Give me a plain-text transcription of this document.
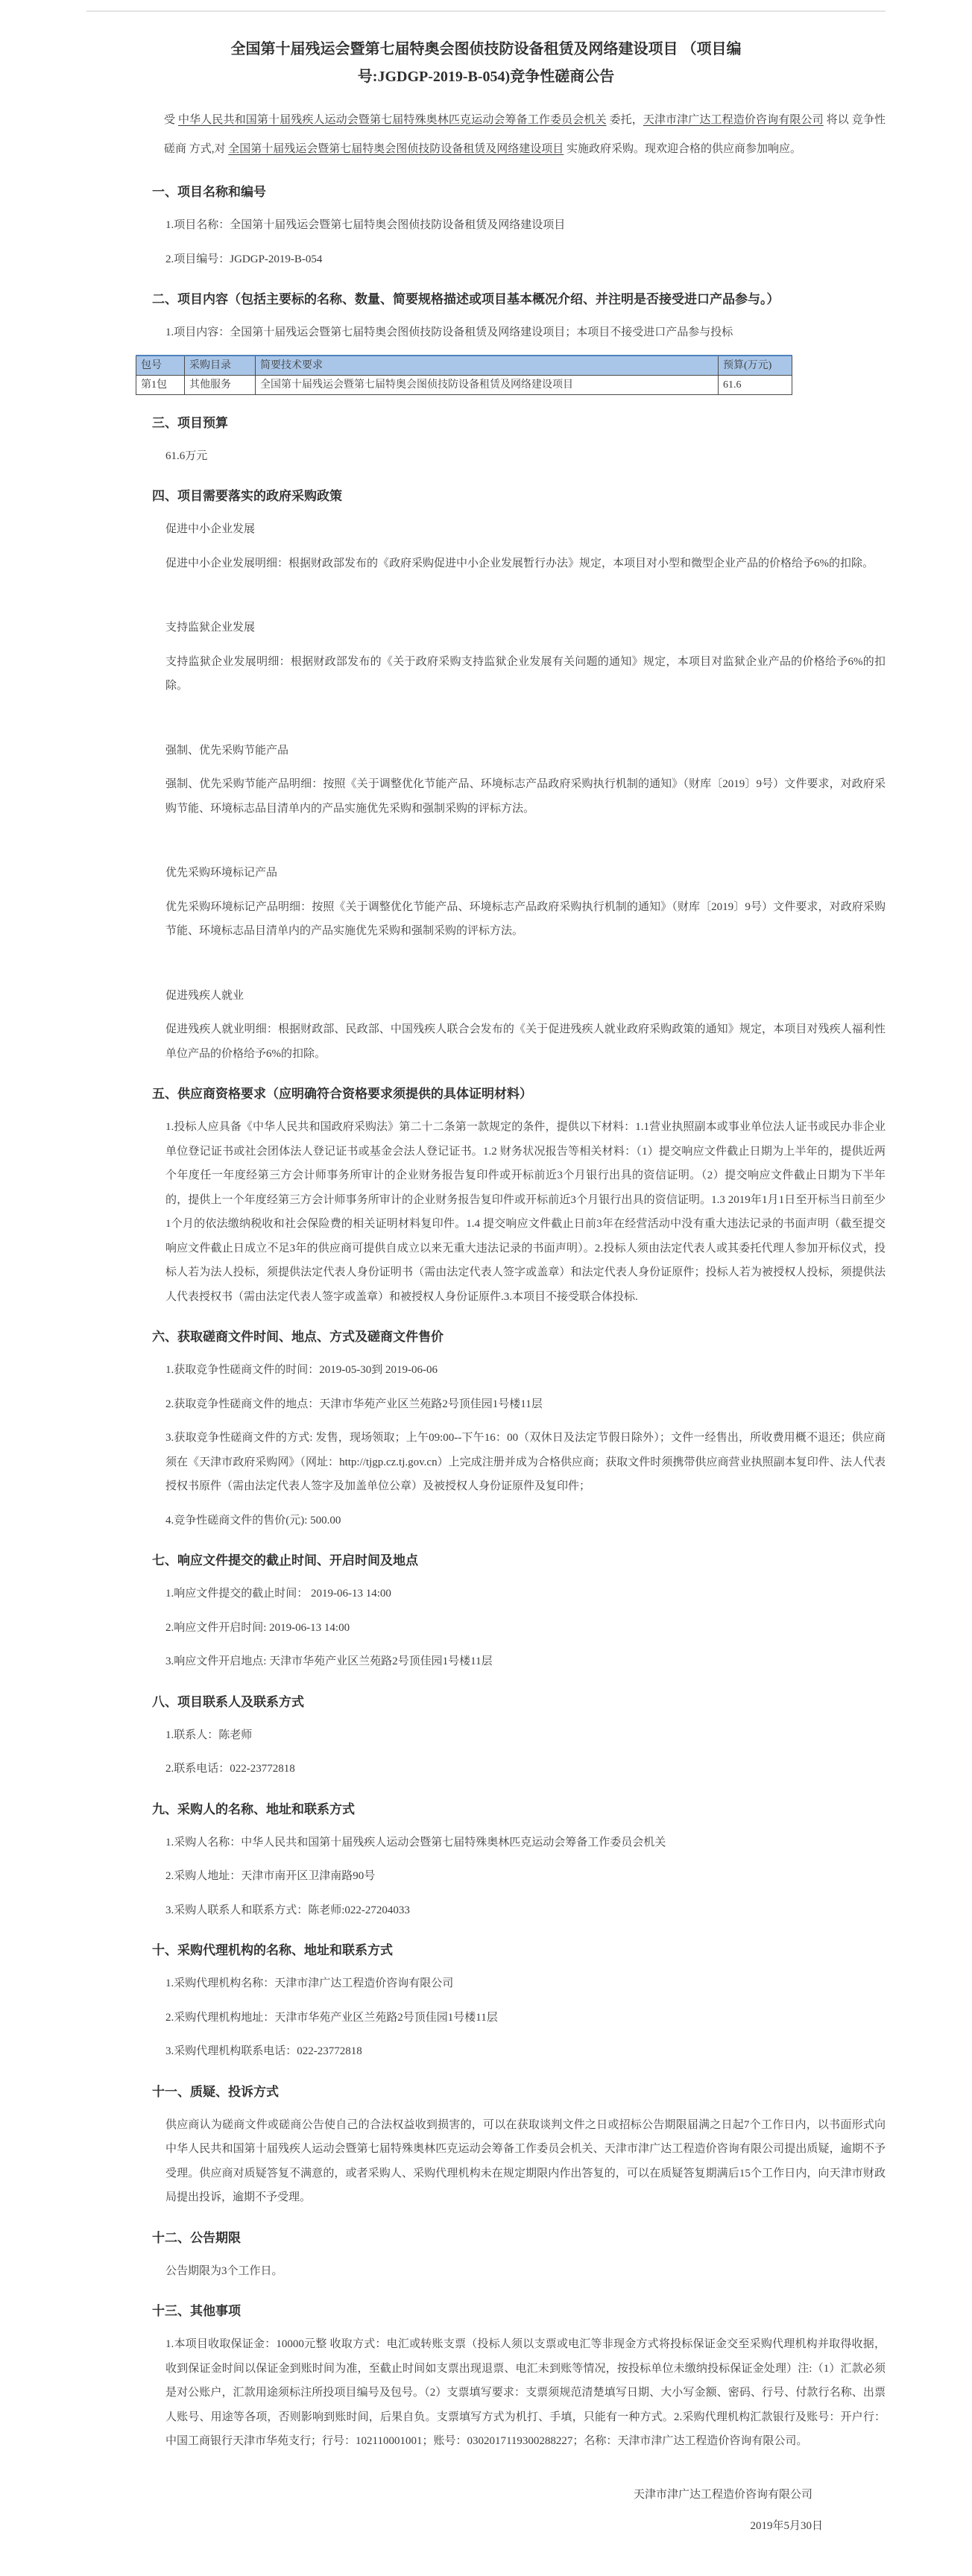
全国第十届残运会暨第七届特奥会图侦技防设备租赁及网络建设项目 （项目编号:JGDGP-2019-B-054)竞争性磋商公告
受 中华人民共和国第十届残疾人运动会暨第七届特殊奥林匹克运动会筹备工作委员会机关 委托，天津市津广达工程造价咨询有限公司 将以 竞争性磋商 方式,对 全国第十届残运会暨第七届特奥会图侦技防设备租赁及网络建设项目 实施政府采购。现欢迎合格的供应商参加响应。
一、项目名称和编号
1.项目名称：全国第十届残运会暨第七届特奥会图侦技防设备租赁及网络建设项目
2.项目编号：JGDGP-2019-B-054
二、项目内容（包括主要标的名称、数量、简要规格描述或项目基本概况介绍、并注明是否接受进口产品参与。）
1.项目内容：全国第十届残运会暨第七届特奥会图侦技防设备租赁及网络建设项目；本项目不接受进口产品参与投标
包号	采购目录	简要技术要求	预算(万元)
第1包	其他服务	全国第十届残运会暨第七届特奥会图侦技防设备租赁及网络建设项目	61.6
三、项目预算
61.6万元
四、项目需要落实的政府采购政策
促进中小企业发展
促进中小企业发展明细：根据财政部发布的《政府采购促进中小企业发展暂行办法》规定，本项目对小型和微型企业产品的价格给予6%的扣除。
支持监狱企业发展
支持监狱企业发展明细：根据财政部发布的《关于政府采购支持监狱企业发展有关问题的通知》规定，本项目对监狱企业产品的价格给予6%的扣除。
强制、优先采购节能产品
强制、优先采购节能产品明细：按照《关于调整优化节能产品、环境标志产品政府采购执行机制的通知》（财库〔2019〕9号）文件要求，对政府采购节能、环境标志品目清单内的产品实施优先采购和强制采购的评标方法。
优先采购环境标记产品
优先采购环境标记产品明细：按照《关于调整优化节能产品、环境标志产品政府采购执行机制的通知》（财库〔2019〕9号）文件要求，对政府采购节能、环境标志品目清单内的产品实施优先采购和强制采购的评标方法。
促进残疾人就业
促进残疾人就业明细：根据财政部、民政部、中国残疾人联合会发布的《关于促进残疾人就业政府采购政策的通知》规定，本项目对残疾人福利性单位产品的价格给予6%的扣除。
五、供应商资格要求（应明确符合资格要求须提供的具体证明材料）
1.投标人应具备《中华人民共和国政府采购法》第二十二条第一款规定的条件，提供以下材料：1.1营业执照副本或事业单位法人证书或民办非企业单位登记证书或社会团体法人登记证书或基金会法人登记证书。1.2 财务状况报告等相关材料：（1）提交响应文件截止日期为上半年的，提供近两个年度任一年度经第三方会计师事务所审计的企业财务报告复印件或开标前近3个月银行出具的资信证明。（2）提交响应文件截止日期为下半年的，提供上一个年度经第三方会计师事务所审计的企业财务报告复印件或开标前近3个月银行出具的资信证明。1.3 2019年1月1日至开标当日前至少1个月的依法缴纳税收和社会保险费的相关证明材料复印件。1.4 提交响应文件截止日前3年在经营活动中没有重大违法记录的书面声明（截至提交响应文件截止日成立不足3年的供应商可提供自成立以来无重大违法记录的书面声明）。2.投标人须由法定代表人或其委托代理人参加开标仪式，投标人若为法人投标，须提供法定代表人身份证明书（需由法定代表人签字或盖章）和法定代表人身份证原件；投标人若为被授权人投标，须提供法人代表授权书（需由法定代表人签字或盖章）和被授权人身份证原件.3.本项目不接受联合体投标.
六、获取磋商文件时间、地点、方式及磋商文件售价
1.获取竞争性磋商文件的时间：2019-05-30到 2019-06-06
2.获取竞争性磋商文件的地点：天津市华苑产业区兰苑路2号顶佳园1号楼11层
3.获取竞争性磋商文件的方式: 发售，现场领取；上午09:00--下午16：00（双休日及法定节假日除外）；文件一经售出，所收费用概不退还；供应商须在《天津市政府采购网》（网址：http://tjgp.cz.tj.gov.cn）上完成注册并成为合格供应商；获取文件时须携带供应商营业执照副本复印件、法人代表授权书原件（需由法定代表人签字及加盖单位公章）及被授权人身份证原件及复印件；
4.竞争性磋商文件的售价(元): 500.00
七、响应文件提交的截止时间、开启时间及地点
1.响应文件提交的截止时间： 2019-06-13 14:00
2.响应文件开启时间: 2019-06-13 14:00
3.响应文件开启地点: 天津市华苑产业区兰苑路2号顶佳园1号楼11层
八、项目联系人及联系方式
1.联系人：陈老师
2.联系电话：022-23772818
九、采购人的名称、地址和联系方式
1.采购人名称：中华人民共和国第十届残疾人运动会暨第七届特殊奥林匹克运动会筹备工作委员会机关
2.采购人地址：天津市南开区卫津南路90号
3.采购人联系人和联系方式：陈老师:022-27204033
十、采购代理机构的名称、地址和联系方式
1.采购代理机构名称：天津市津广达工程造价咨询有限公司
2.采购代理机构地址：天津市华苑产业区兰苑路2号顶佳园1号楼11层
3.采购代理机构联系电话：022-23772818
十一、质疑、投诉方式
供应商认为磋商文件或磋商公告使自己的合法权益收到损害的，可以在获取谈判文件之日或招标公告期限届满之日起7个工作日内，以书面形式向 中华人民共和国第十届残疾人运动会暨第七届特殊奥林匹克运动会筹备工作委员会机关、天津市津广达工程造价咨询有限公司提出质疑，逾期不予受理。供应商对质疑答复不满意的，或者采购人、采购代理机构未在规定期限内作出答复的，可以在质疑答复期满后15个工作日内，向天津市财政局提出投诉，逾期不予受理。
十二、公告期限
公告期限为3个工作日。
十三、其他事项
1.本项目收取保证金：10000元整 收取方式：电汇或转账支票（投标人须以支票或电汇等非现金方式将投标保证金交至采购代理机构并取得收据，收到保证金时间以保证金到账时间为准，至截止时间如支票出现退票、电汇未到账等情况，按投标单位未缴纳投标保证金处理）注:（1）汇款必须是对公账户，汇款用途须标注所投项目编号及包号。（2）支票填写要求：支票须规范清楚填写日期、大小写金额、密码、行号、付款行名称、出票人账号、用途等各项，否则影响到账时间，后果自负。支票填写方式为机打、手填，只能有一种方式。2.采购代理机构汇款银行及账号：开户行：中国工商银行天津市华苑支行；行号：102110001001；账号：0302017119300288227；名称：天津市津广达工程造价咨询有限公司。
天津市津广达工程造价咨询有限公司
2019年5月30日
